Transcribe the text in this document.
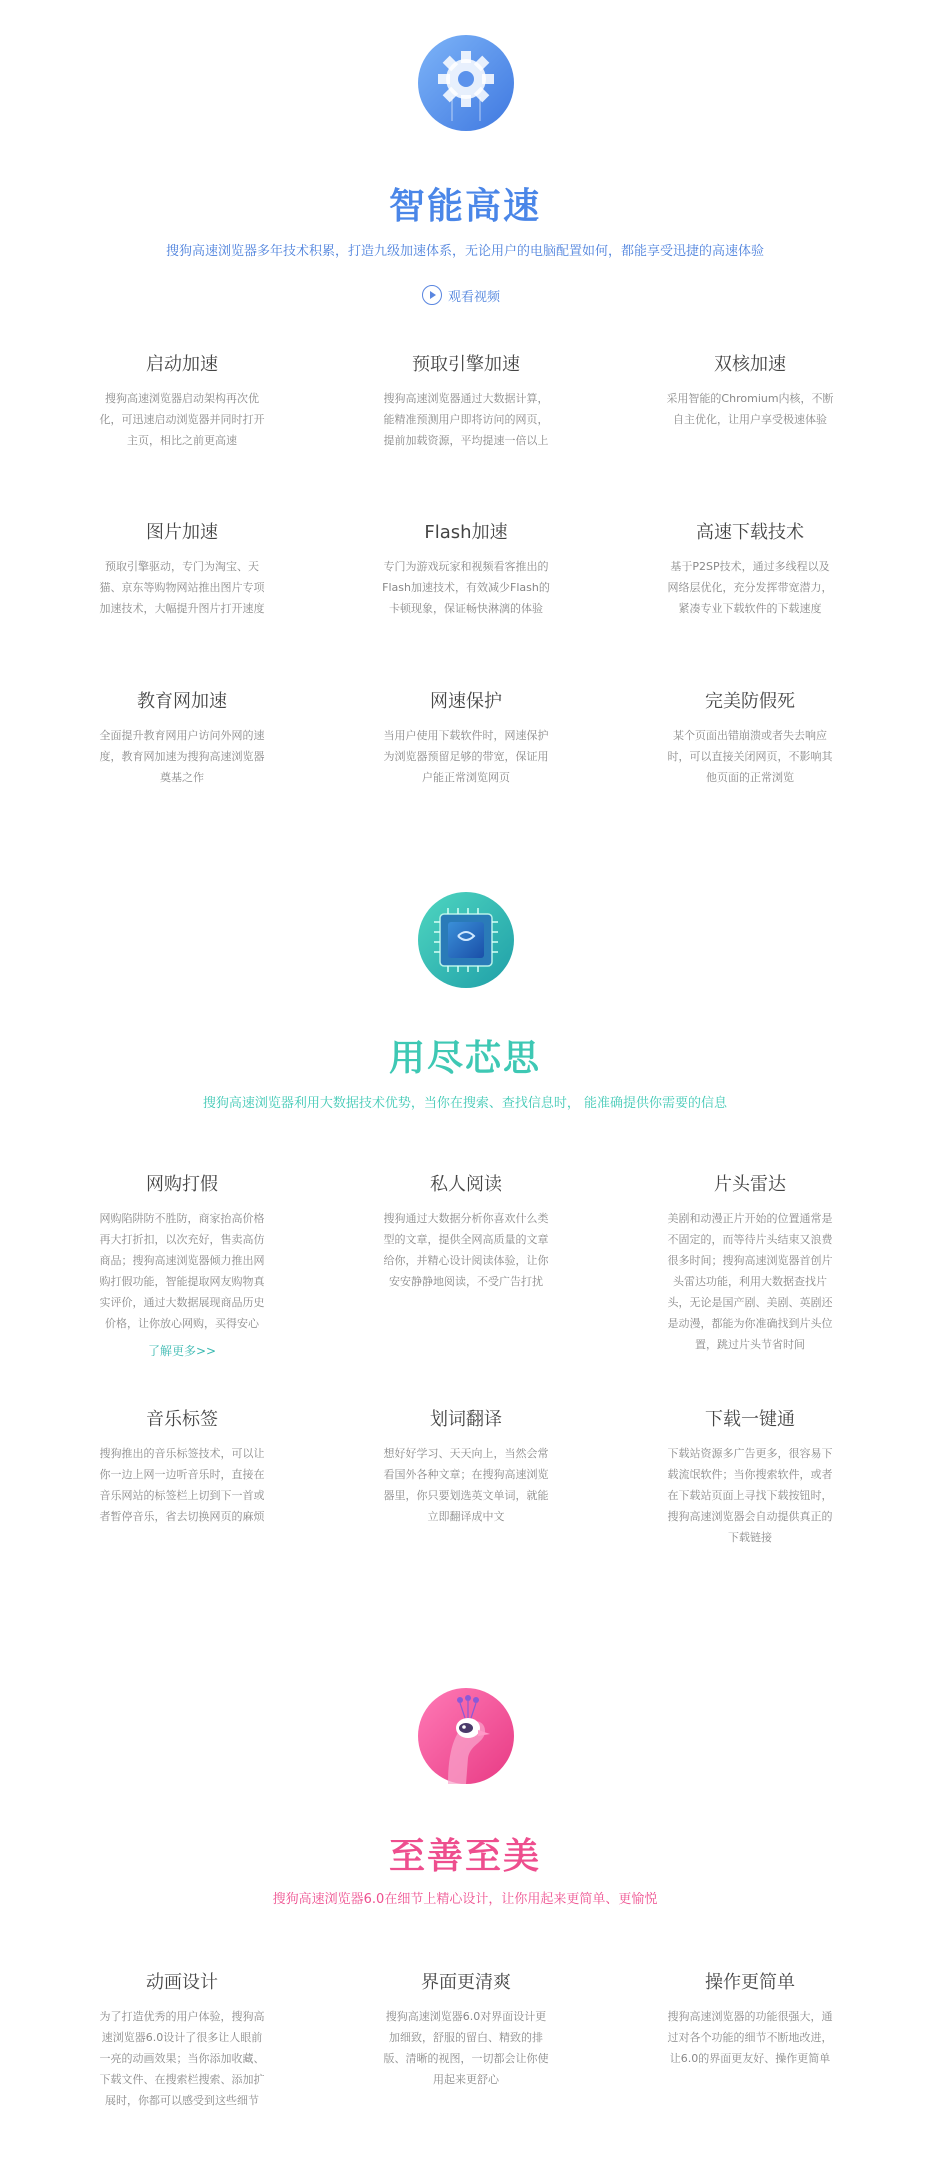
智能高速
搜狗高速浏览器多年技术积累，打造九级加速体系，无论用户的电脑配置如何，都能享受迅捷的高速体验
观看视频
启动加速

搜狗高速浏览器启动架构再次优化，可迅速启动浏览器并同时打开主页，相比之前更高速

预取引擎加速

搜狗高速浏览器通过大数据计算，能精准预测用户即将访问的网页，提前加载资源，平均提速一倍以上

双核加速

采用智能的Chromium内核，不断自主优化，让用户享受极速体验

图片加速

预取引擎驱动，专门为淘宝、天猫、京东等购物网站推出图片专项加速技术，大幅提升图片打开速度

Flash加速

专门为游戏玩家和视频看客推出的Flash加速技术，有效减少Flash的卡顿现象，保证畅快淋漓的体验

高速下载技术

基于P2SP技术，通过多线程以及网络层优化，充分发挥带宽潜力，紧凑专业下载软件的下载速度

教育网加速

全面提升教育网用户访问外网的速度，教育网加速为搜狗高速浏览器奠基之作

网速保护

当用户使用下载软件时，网速保护为浏览器预留足够的带宽，保证用户能正常浏览网页

完美防假死

某个页面出错崩溃或者失去响应时，可以直接关闭网页，不影响其他页面的正常浏览

用尽芯思
搜狗高速浏览器利用大数据技术优势，当你在搜索、查找信息时， 能准确提供你需要的信息
网购打假

网购陷阱防不胜防，商家抬高价格再大打折扣，以次充好，售卖高仿商品；搜狗高速浏览器倾力推出网购打假功能，智能提取网友购物真实评价，通过大数据展现商品历史价格，让你放心网购，买得安心

了解更多>>
私人阅读

搜狗通过大数据分析你喜欢什么类型的文章，提供全网高质量的文章给你，并精心设计阅读体验，让你安安静静地阅读，不受广告打扰

片头雷达

美剧和动漫正片开始的位置通常是不固定的，而等待片头结束又浪费很多时间；搜狗高速浏览器首创片头雷达功能，利用大数据查找片头，无论是国产剧、美剧、英剧还是动漫，都能为你准确找到片头位置，跳过片头节省时间

音乐标签

搜狗推出的音乐标签技术，可以让你一边上网一边听音乐时，直接在音乐网站的标签栏上切到下一首或者暂停音乐，省去切换网页的麻烦

划词翻译

想好好学习、天天向上，当然会常看国外各种文章；在搜狗高速浏览器里，你只要划选英文单词，就能立即翻译成中文

下载一键通

下载站资源多广告更多，很容易下载流氓软件；当你搜索软件，或者在下载站页面上寻找下载按钮时，搜狗高速浏览器会自动提供真正的下载链接

至善至美
搜狗高速浏览器6.0在细节上精心设计，让你用起来更简单、更愉悦
动画设计

为了打造优秀的用户体验，搜狗高速浏览器6.0设计了很多让人眼前一亮的动画效果；当你添加收藏、下载文件、在搜索栏搜索、添加扩展时，你都可以感受到这些细节

界面更清爽

搜狗高速浏览器6.0对界面设计更加细致，舒服的留白、精致的排版、清晰的视图，一切都会让你使用起来更舒心

操作更简单

搜狗高速浏览器的功能很强大，通过对各个功能的细节不断地改进，让6.0的界面更友好、操作更简单
